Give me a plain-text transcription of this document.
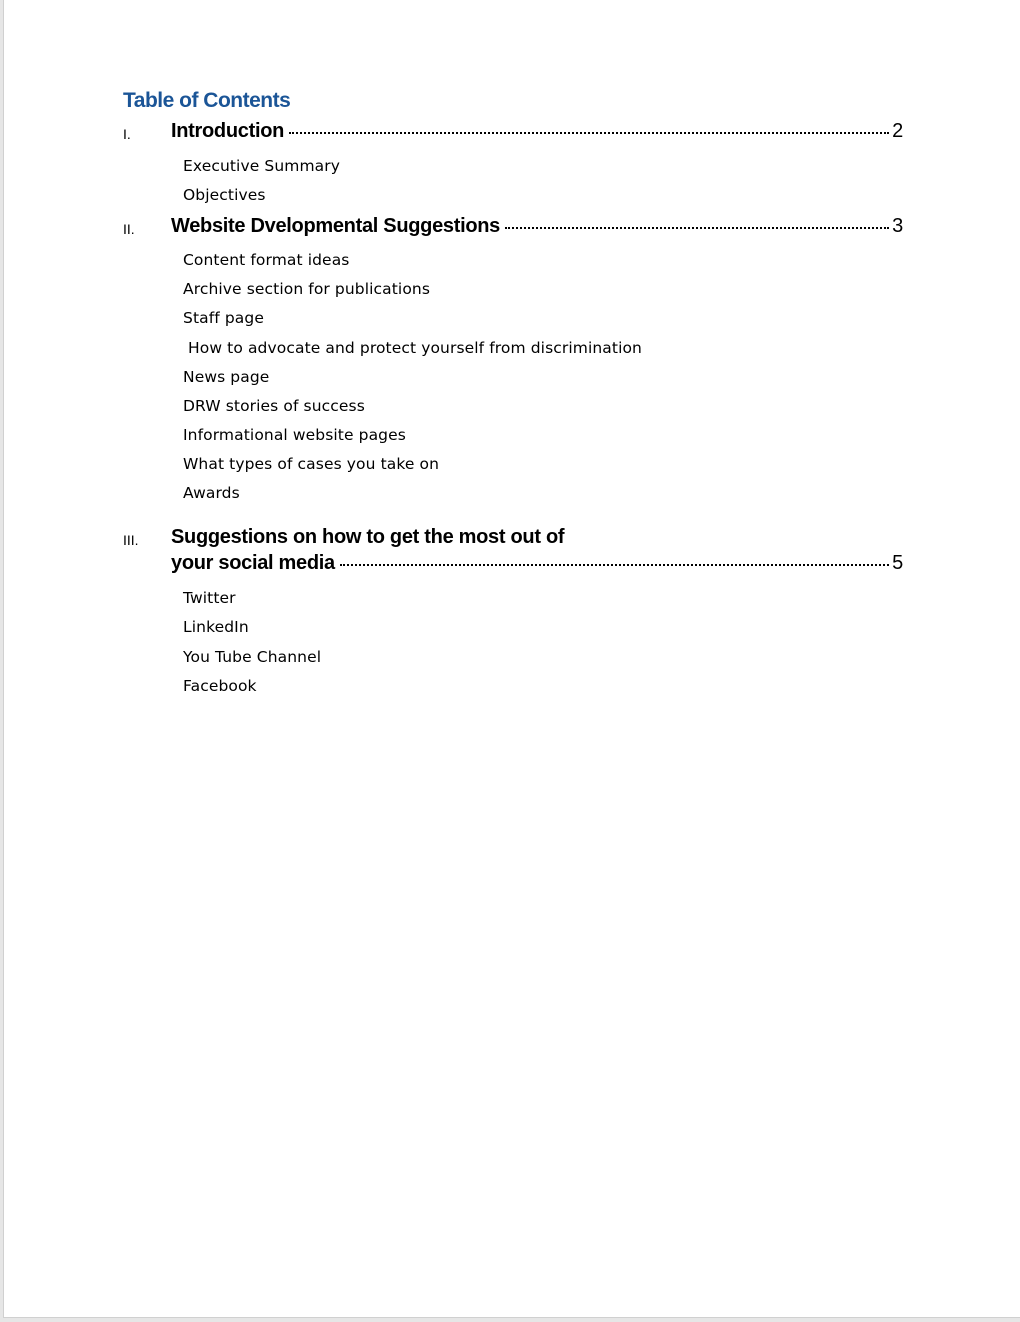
Table of Contents
I. Introduction	2
Executive Summary
Objectives
II. Website Dvelopmental Suggestions	3
Content format ideas
Archive section for publications
Staff page
How to advocate and protect yourself from discrimination
News page
DRW stories of success
Informational website pages
What types of cases you take on
Awards
III. Suggestions on how to get the most out of
your social media	5
Twitter
LinkedIn
You Tube Channel
Facebook
